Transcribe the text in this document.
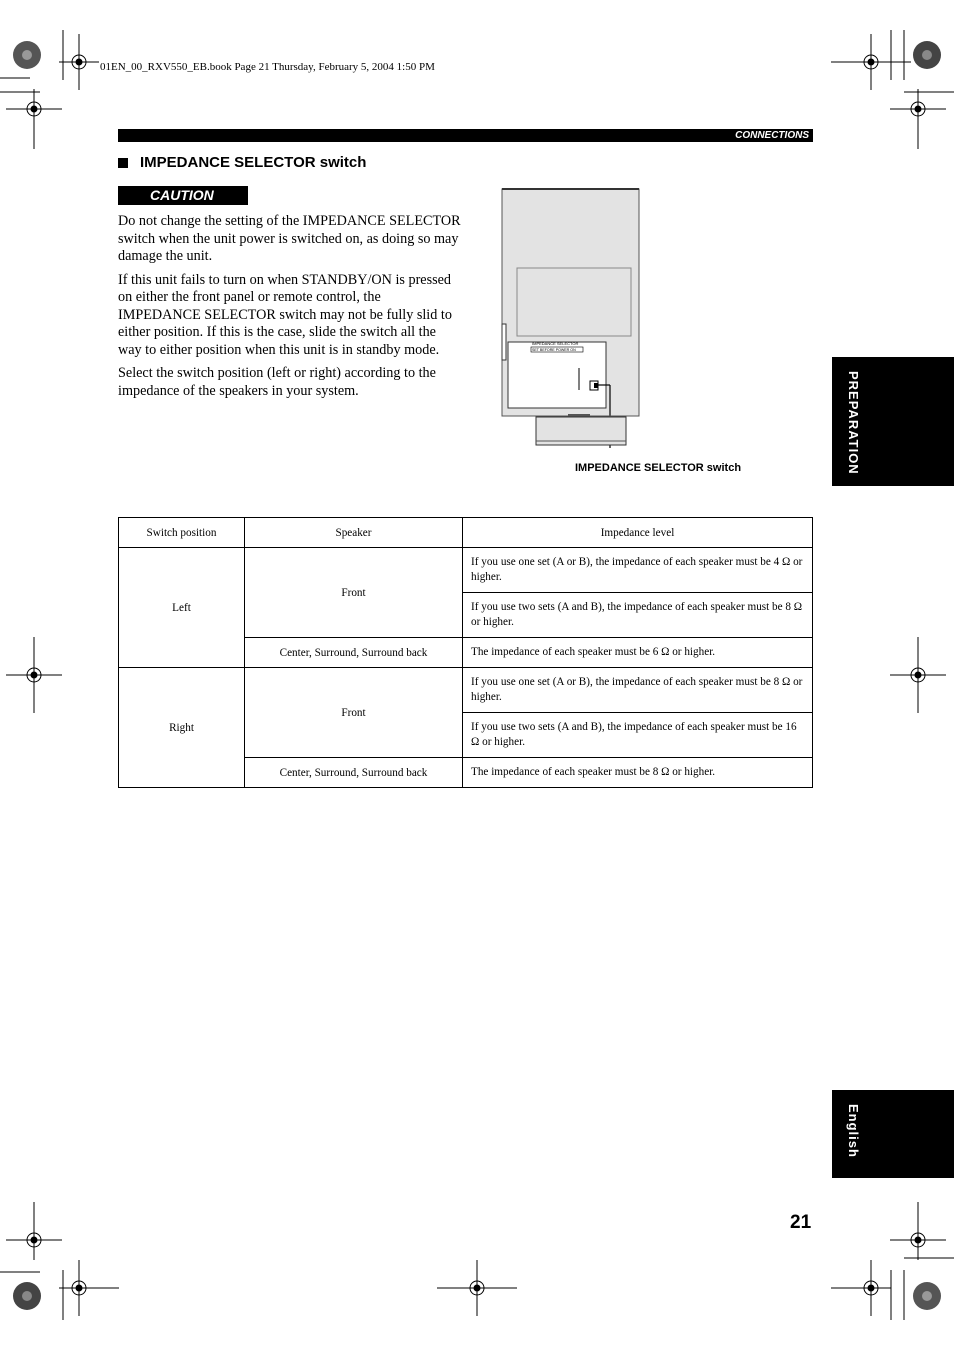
01EN_00_RXV550_EB.book Page 21 Thursday, February 5, 2004 1:50 PM
CONNECTIONS
IMPEDANCE SELECTOR switch
CAUTION

Do not change the setting of the IMPEDANCE SELECTOR switch when the unit power is switched on, as doing so may damage the unit.

If this unit fails to turn on when STANDBY/ON is pressed on either the front panel or remote control, the IMPEDANCE SELECTOR switch may not be fully slid to either position. If this is the case, slide the switch all the way to either position when this unit is in standby mode.

Select the switch position (left or right) according to the impedance of the speakers in your system.

IMPEDANCE SELECTOR
SET BEFORE POWER ON
IMPEDANCE SELECTOR switch	PREPARATION
English
Switch position	Speaker	Impedance level
Left	Front	If you use one set (A or B), the impedance of each speaker must be 4 Ω or higher.
		If you use two sets (A and B), the impedance of each speaker must be 8 Ω or higher.
	Center, Surround, Surround back	The impedance of each speaker must be 6 Ω or higher.
Right	Front	If you use one set (A or B), the impedance of each speaker must be 8 Ω or higher.
		If you use two sets (A and B), the impedance of each speaker must be 16 Ω or higher.
	Center, Surround, Surround back	The impedance of each speaker must be 8 Ω or higher.
21
